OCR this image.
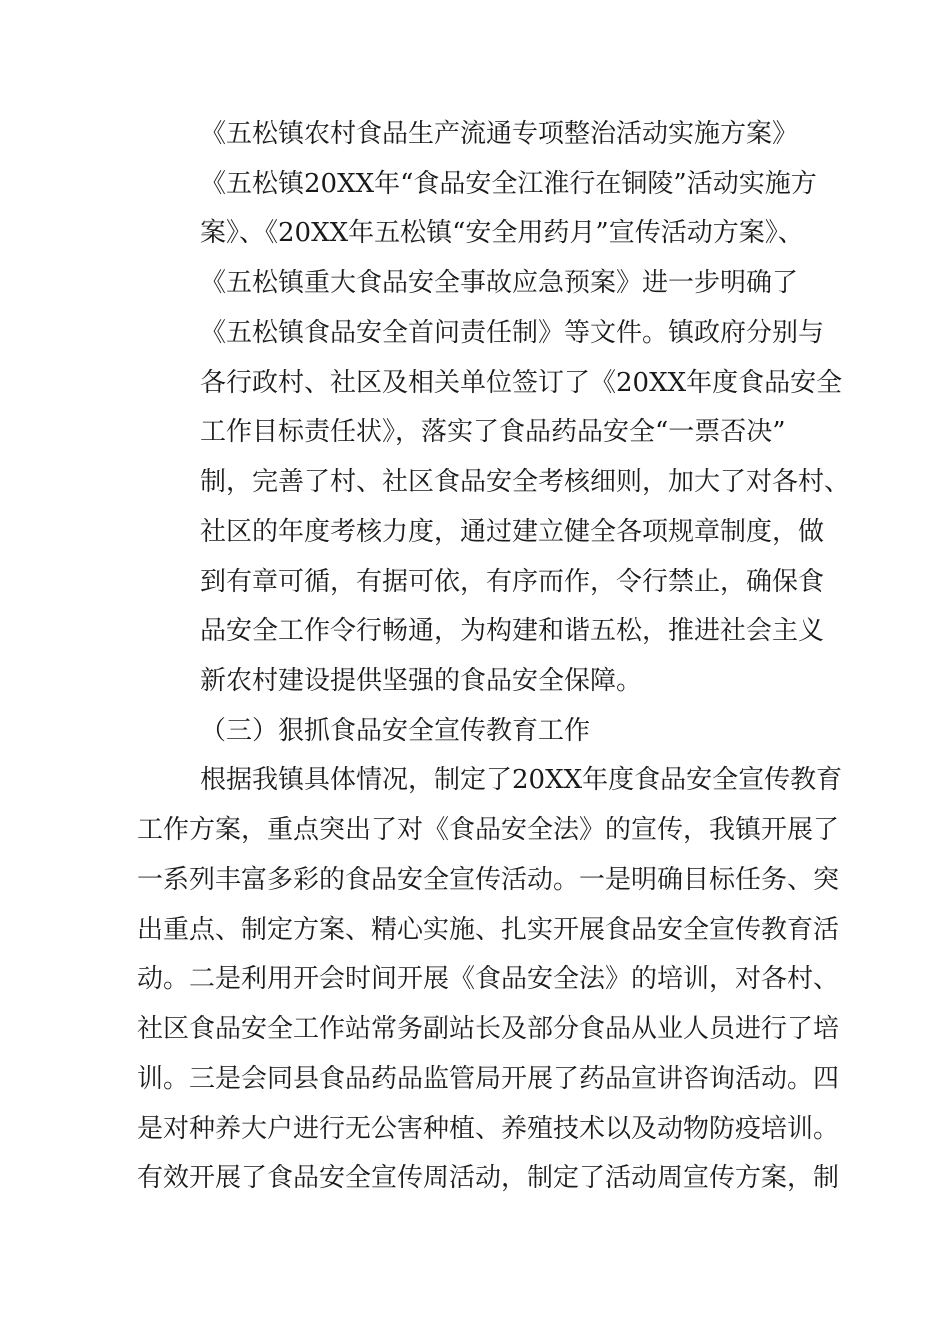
《五松镇农村食品生产流通专项整治活动实施方案》
《五松镇20XX年“食品安全江淮行在铜陵”活动实施方
案》、《20XX年五松镇“安全用药月”宣传活动方案》、
《五松镇重大食品安全事故应急预案》进一步明确了
《五松镇食品安全首问责任制》等文件。镇政府分别与
各行政村、社区及相关单位签订了《20XX年度食品安全
工作目标责任状》，落实了食品药品安全“一票否决”
制，完善了村、社区食品安全考核细则，加大了对各村、
社区的年度考核力度，通过建立健全各项规章制度，做
到有章可循，有据可依，有序而作，令行禁止，确保食
品安全工作令行畅通，为构建和谐五松，推进社会主义
新农村建设提供坚强的食品安全保障。
（三）狠抓食品安全宣传教育工作
根据我镇具体情况，制定了20XX年度食品安全宣传教育
工作方案，重点突出了对《食品安全法》的宣传，我镇开展了
一系列丰富多彩的食品安全宣传活动。一是明确目标任务、突
出重点、制定方案、精心实施、扎实开展食品安全宣传教育活
动。二是利用开会时间开展《食品安全法》的培训，对各村、
社区食品安全工作站常务副站长及部分食品从业人员进行了培
训。三是会同县食品药品监管局开展了药品宣讲咨询活动。四
是对种养大户进行无公害种植、养殖技术以及动物防疫培训。
有效开展了食品安全宣传周活动，制定了活动周宣传方案，制
